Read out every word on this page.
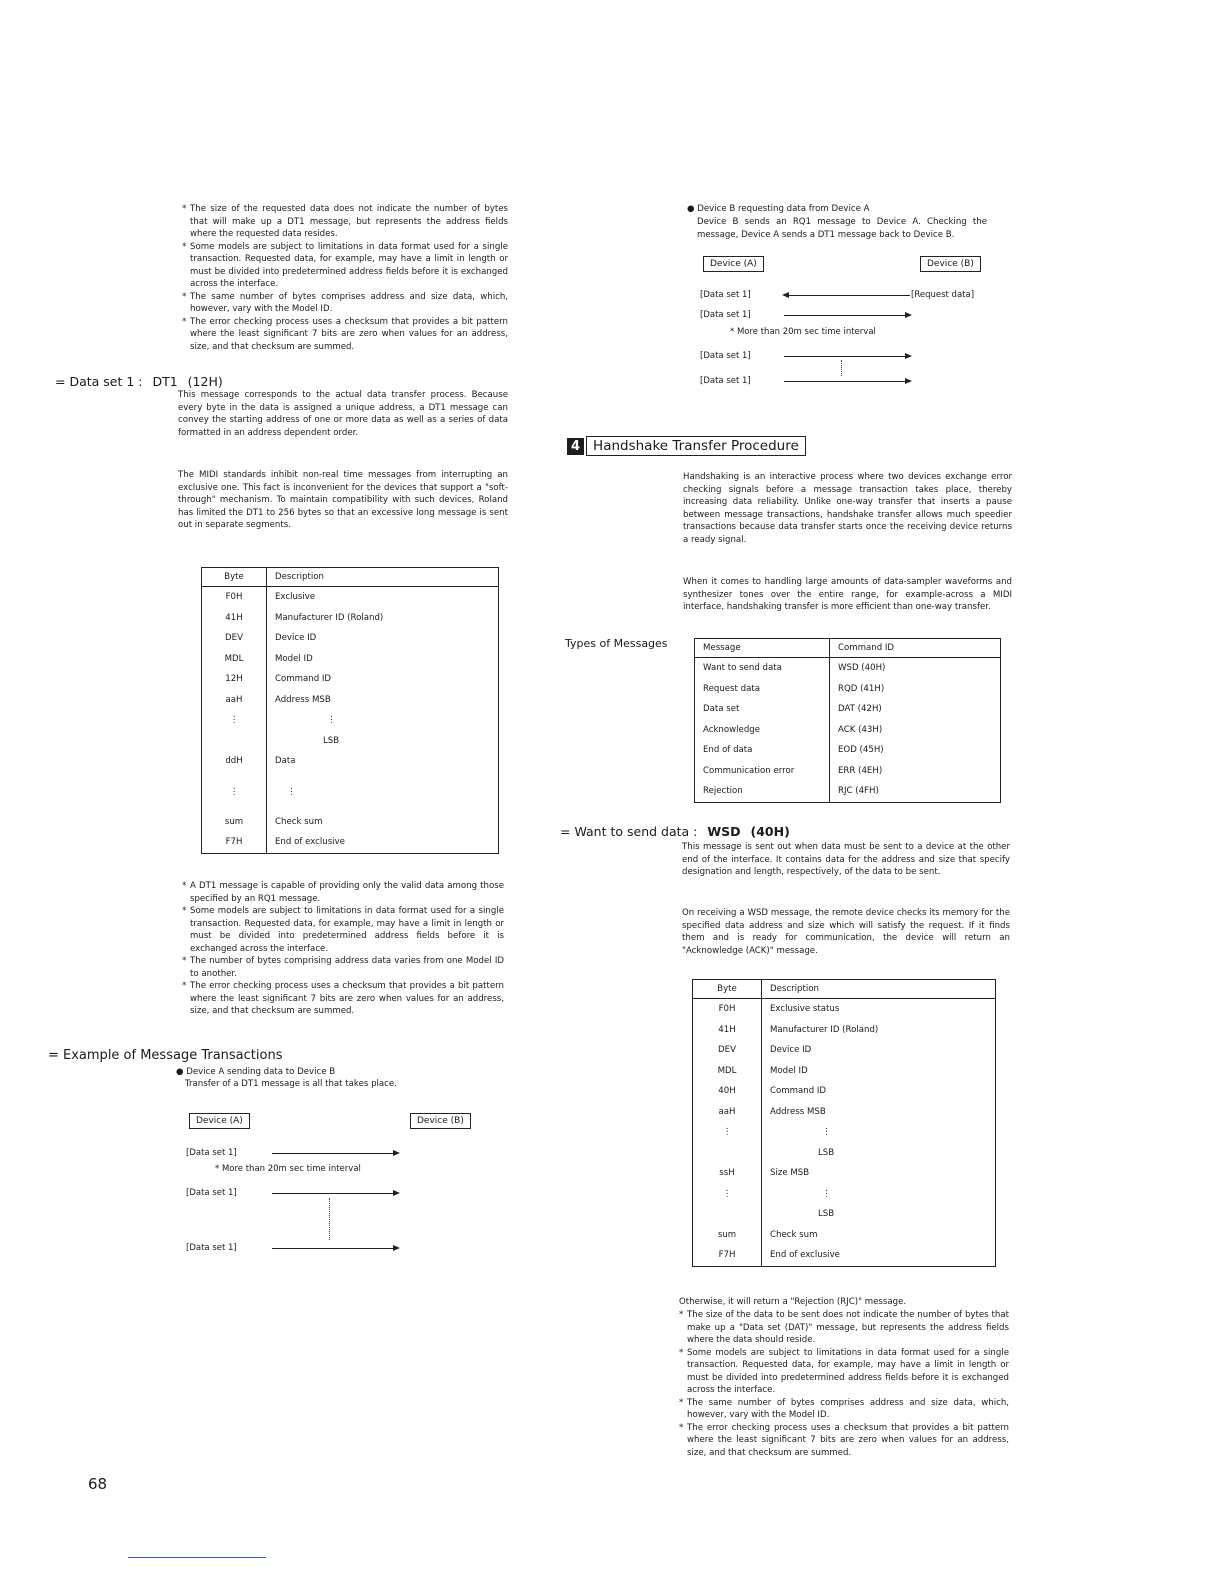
* The size of the requested data does not indicate the number of bytes that will make up a DT1 message, but represents the address fields where the requested data resides.
* Some models are subject to limitations in data format used for a single transaction. Requested data, for example, may have a limit in length or must be divided into predetermined address fields before it is exchanged across the interface.
* The same number of bytes comprises address and size data, which, however, vary with the Model ID.
* The error checking process uses a checksum that provides a bit pattern where the least significant 7 bits are zero when values for an address, size, and that checksum are summed.
= Data set 1 : DT1 (12H)
This message corresponds to the actual data transfer process. Because every byte in the data is assigned a unique address, a DT1 message can convey the starting address of one or more data as well as a series of data formatted in an address dependent order.
The MIDI standards inhibit non-real time messages from interrupting an exclusive one. This fact is inconvenient for the devices that support a "soft-through" mechanism. To maintain compatibility with such devices, Roland has limited the DT1 to 256 bytes so that an excessive long message is sent out in separate segments.
Byte	Description
F0H	Exclusive
41H	Manufacturer ID (Roland)
DEV	Device ID
MDL	Model ID
12H	Command ID
aaH	Address MSB
⋮	⋮
	LSB
ddH	Data
⋮	⋮
sum	Check sum
F7H	End of exclusive
* A DT1 message is capable of providing only the valid data among those specified by an RQ1 message.
* Some models are subject to limitations in data format used for a single transaction. Requested data, for example, may have a limit in length or must be divided into predetermined address fields before it is exchanged across the interface.
* The number of bytes comprising address data varies from one Model ID to another.
* The error checking process uses a checksum that provides a bit pattern where the least significant 7 bits are zero when values for an address, size, and that checksum are summed.
= Example of Message Transactions
● Device A sending data to Device B
Transfer of a DT1 message is all that takes place.
Device (A)	Device (B)
[Data set 1]
* More than 20m sec time interval
[Data set 1]
[Data set 1]
68
● Device B requesting data from Device A
Device B sends an RQ1 message to Device A. Checking the message, Device A sends a DT1 message back to Device B.
Device (A)	Device (B)
[Data set 1]	[Request data]
[Data set 1]
* More than 20m sec time interval
[Data set 1]
[Data set 1]
4 Handshake Transfer Procedure
Handshaking is an interactive process where two devices exchange error checking signals before a message transaction takes place, thereby increasing data reliability. Unlike one-way transfer that inserts a pause between message transactions, handshake transfer allows much speedier transactions because data transfer starts once the receiving device returns a ready signal.
When it comes to handling large amounts of data-sampler waveforms and synthesizer tones over the entire range, for example-across a MIDI interface, handshaking transfer is more efficient than one-way transfer.
Types of Messages	Message	Command ID
Want to send data	WSD (40H)
Request data	RQD (41H)
Data set	DAT (42H)
Acknowledge	ACK (43H)
End of data	EOD (45H)
Communication error	ERR (4EH)
Rejection	RJC (4FH)
= Want to send data : WSD (40H)
This message is sent out when data must be sent to a device at the other end of the interface. It contains data for the address and size that specify designation and length, respectively, of the data to be sent.
On receiving a WSD message, the remote device checks its memory for the specified data address and size which will satisfy the request. If it finds them and is ready for communication, the device will return an "Acknowledge (ACK)" message.
Byte	Description
F0H	Exclusive status
41H	Manufacturer ID (Roland)
DEV	Device ID
MDL	Model ID
40H	Command ID
aaH	Address MSB
⋮	⋮
	LSB
ssH	Size MSB
⋮	⋮
	LSB
sum	Check sum
F7H	End of exclusive
Otherwise, it will return a "Rejection (RJC)" message.
* The size of the data to be sent does not indicate the number of bytes that make up a "Data set (DAT)" message, but represents the address fields where the data should reside.
* Some models are subject to limitations in data format used for a single transaction. Requested data, for example, may have a limit in length or must be divided into predetermined address fields before it is exchanged across the interface.
* The same number of bytes comprises address and size data, which, however, vary with the Model ID.
* The error checking process uses a checksum that provides a bit pattern where the least significant 7 bits are zero when values for an address, size, and that checksum are summed.
